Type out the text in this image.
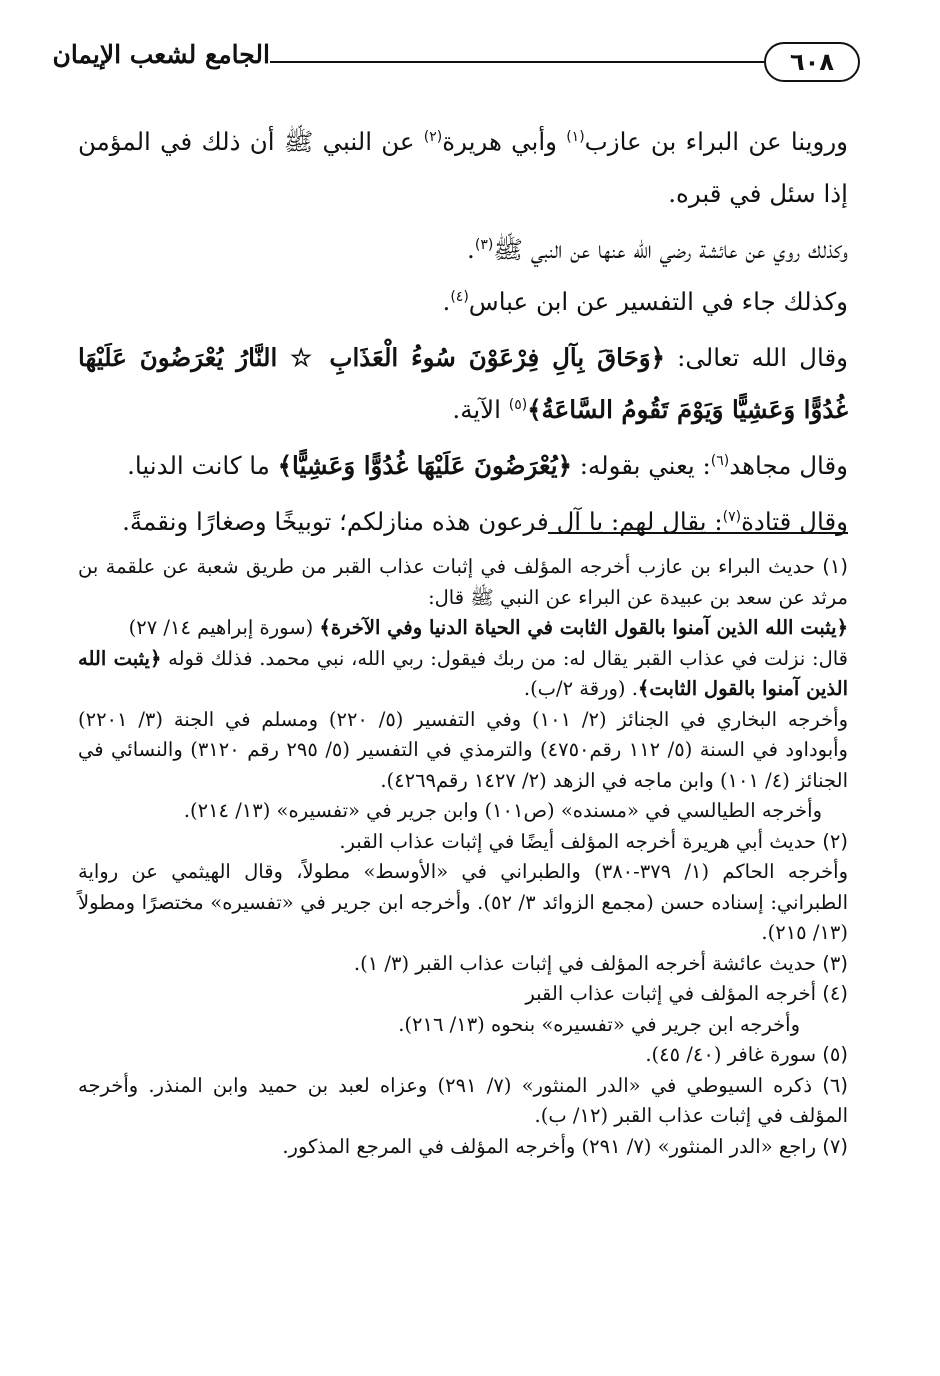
٦٠٨
الجامع لشعب الإيمان

وروينا عن البراء بن عازب$^{(١)}$ وأبي هريرة$^{(٢)}$ عن النبي ﷺ أن ذلك في المؤمن إذا سئل في قبره.

وكذلك روي عن عائشة رضي الله عنها عن النبي ﷺ$^{(٣)}$.

وكذلك جاء في التفسير عن ابن عباس$^{(٤)}$.

وقال الله تعالى: ﴿وَحَاقَ بِآلِ فِرْعَوْنَ سُوءُ الْعَذَابِ ☆ النَّارُ يُعْرَضُونَ عَلَيْهَا غُدُوًّا وَعَشِيًّا وَيَوْمَ تَقُومُ السَّاعَةُ﴾$^{(٥)}$ الآية.

وقال مجاهد$^{(٦)}$: يعني بقوله: ﴿يُعْرَضُونَ عَلَيْهَا غُدُوًّا وَعَشِيًّا﴾ ما كانت الدنيا.

وقال قتادة$^{(٧)}$: يقال لهم: يا آل فرعون هذه منازلكم؛ توبيخًا وصغارًا ونقمةً.

(١) حديث البراء بن عازب أخرجه المؤلف في إثبات عذاب القبر من طريق شعبة عن علقمة بن مرثد عن سعد بن عبيدة عن البراء عن النبي ﷺ قال:

﴿يثبت الله الذين آمنوا بالقول الثابت في الحياة الدنيا وفي الآخرة﴾ (سورة إبراهيم ١٤/ ٢٧)

قال: نزلت في عذاب القبر يقال له: من ربك فيقول: ربي الله، نبي محمد. فذلك قوله ﴿يثبت الله الذين آمنوا بالقول الثابت﴾. (ورقة ٢/ب).

وأخرجه البخاري في الجنائز (٢/ ١٠١) وفي التفسير (٥/ ٢٢٠) ومسلم في الجنة (٣/ ٢٢٠١) وأبوداود في السنة (٥/ ١١٢ رقم٤٧٥٠) والترمذي في التفسير (٥/ ٢٩٥ رقم ٣١٢٠) والنسائي في الجنائز (٤/ ١٠١) وابن ماجه في الزهد (٢/ ١٤٢٧ رقم٤٢٦٩).

وأخرجه الطيالسي في «مسنده» (ص١٠١) وابن جرير في «تفسيره» (١٣/ ٢١٤).

(٢) حديث أبي هريرة أخرجه المؤلف أيضًا في إثبات عذاب القبر.

وأخرجه الحاكم (١/ ٣٧٩-٣٨٠) والطبراني في «الأوسط» مطولاً، وقال الهيثمي عن رواية الطبراني: إسناده حسن (مجمع الزوائد ٣/ ٥٢). وأخرجه ابن جرير في «تفسيره» مختصرًا ومطولاً (١٣/ ٢١٥).

(٣) حديث عائشة أخرجه المؤلف في إثبات عذاب القبر (٣/ ١).

(٤) أخرجه المؤلف في إثبات عذاب القبر

وأخرجه ابن جرير في «تفسيره» بنحوه (١٣/ ٢١٦).

(٥) سورة غافر (٤٠/ ٤٥).

(٦) ذكره السيوطي في «الدر المنثور» (٧/ ٢٩١) وعزاه لعبد بن حميد وابن المنذر. وأخرجه المؤلف في إثبات عذاب القبر (١٢/ ب).

(٧) راجع «الدر المنثور» (٧/ ٢٩١) وأخرجه المؤلف في المرجع المذكور.
